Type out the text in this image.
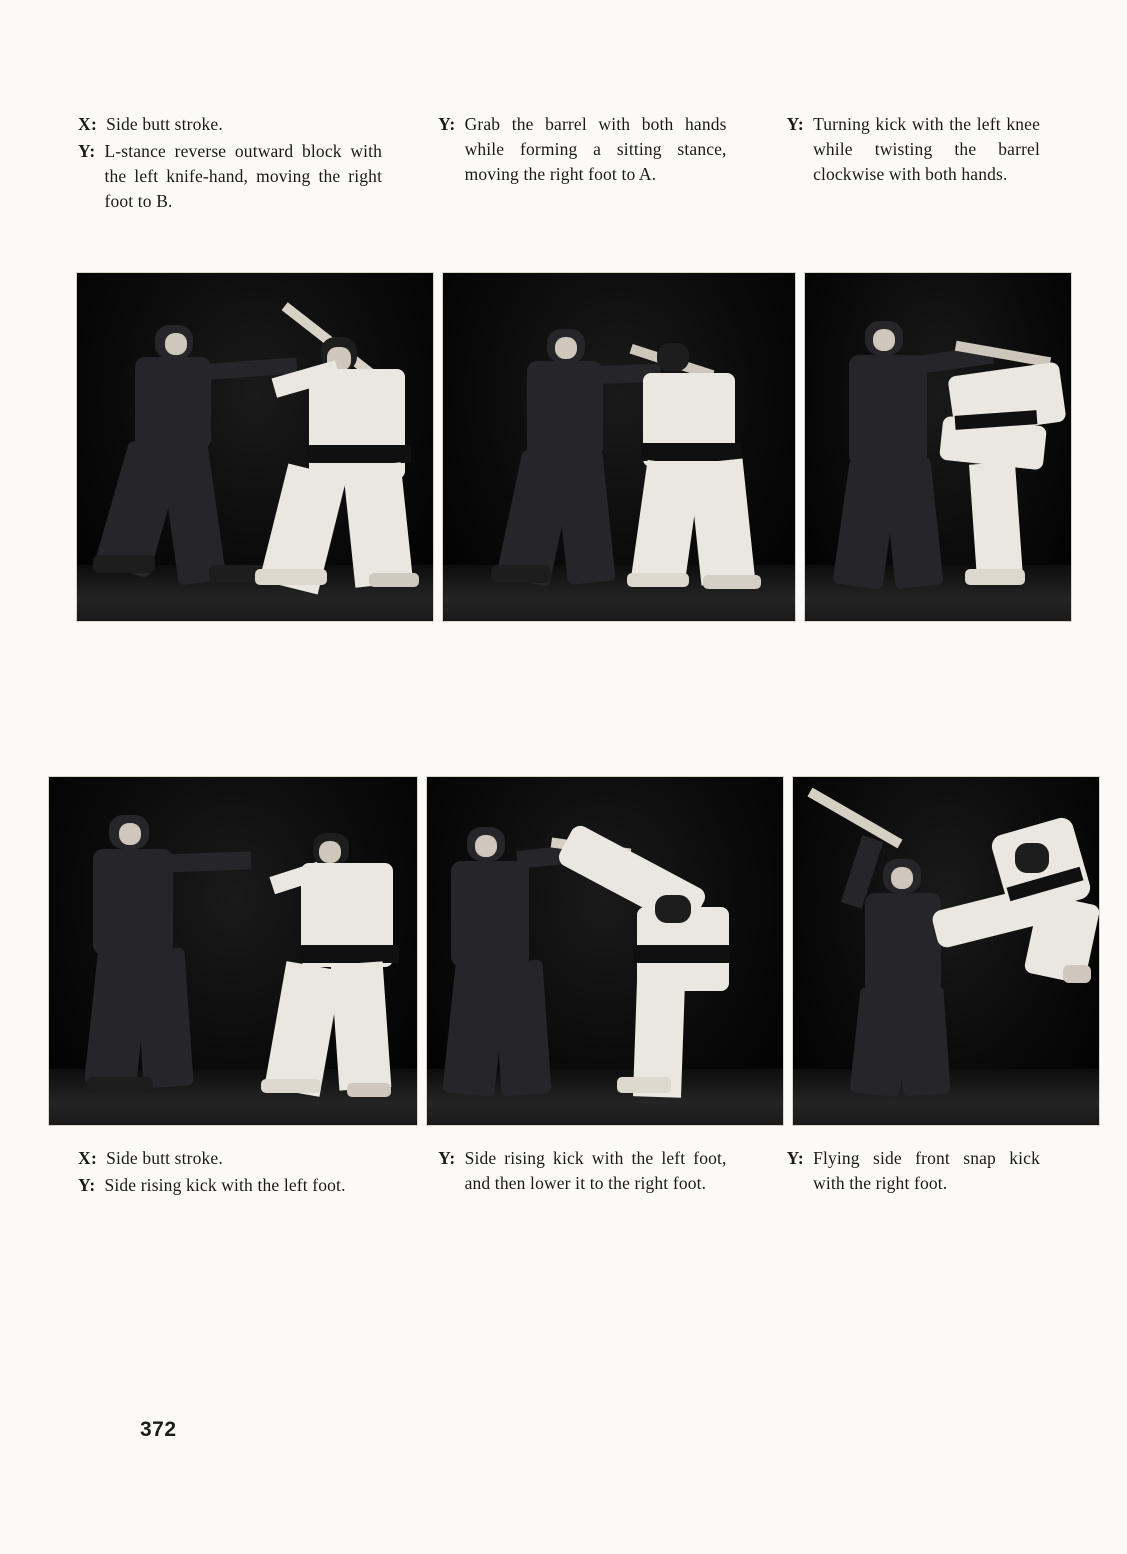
X: Side butt stroke.
Y: L-stance reverse outward block with the left knife-hand, moving the right foot to B.
Y: Grab the barrel with both hands while forming a sitting stance, moving the right foot to A.
Y: Turning kick with the left knee while twisting the barrel clockwise with both hands.
X: Side butt stroke.
Y: Side rising kick with the left foot.
Y: Side rising kick with the left foot, and then lower it to the right foot.
Y: Flying side front snap kick with the right foot.
372
